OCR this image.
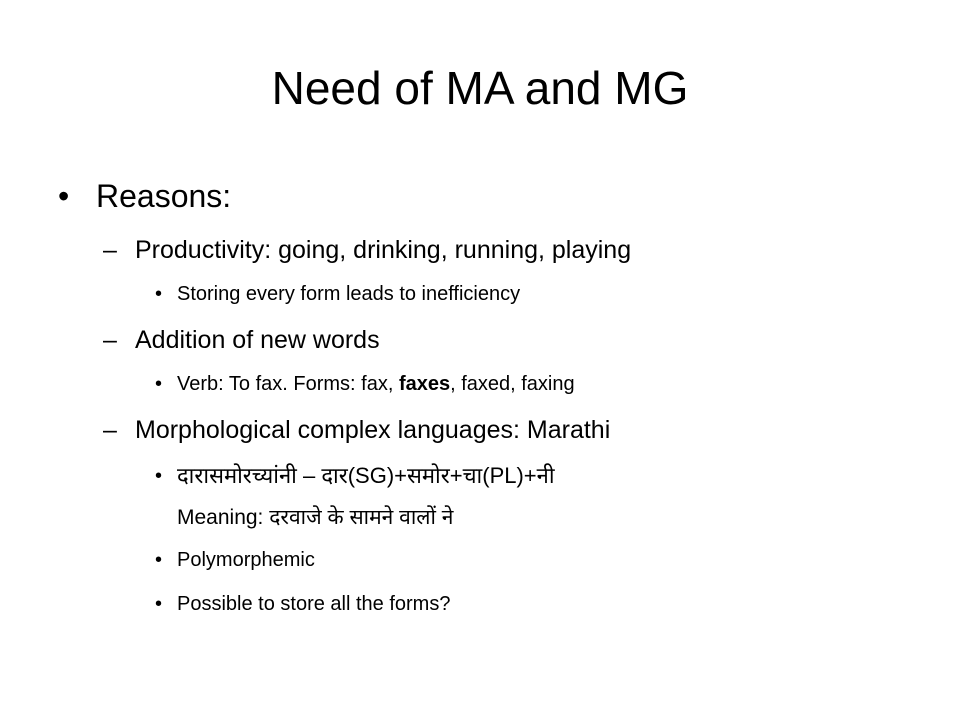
Need of MA and MG
• Reasons:
– Productivity: going, drinking, running, playing
• Storing every form leads to inefficiency
– Addition of new words
• Verb: To fax. Forms: fax, faxes, faxed, faxing
– Morphological complex languages: Marathi
• दारासमोरच्यांनी – दार(SG)+समोर+चा(PL)+नी
Meaning: दरवाजे के सामने वालों ने
• Polymorphemic
• Possible to store all the forms?
